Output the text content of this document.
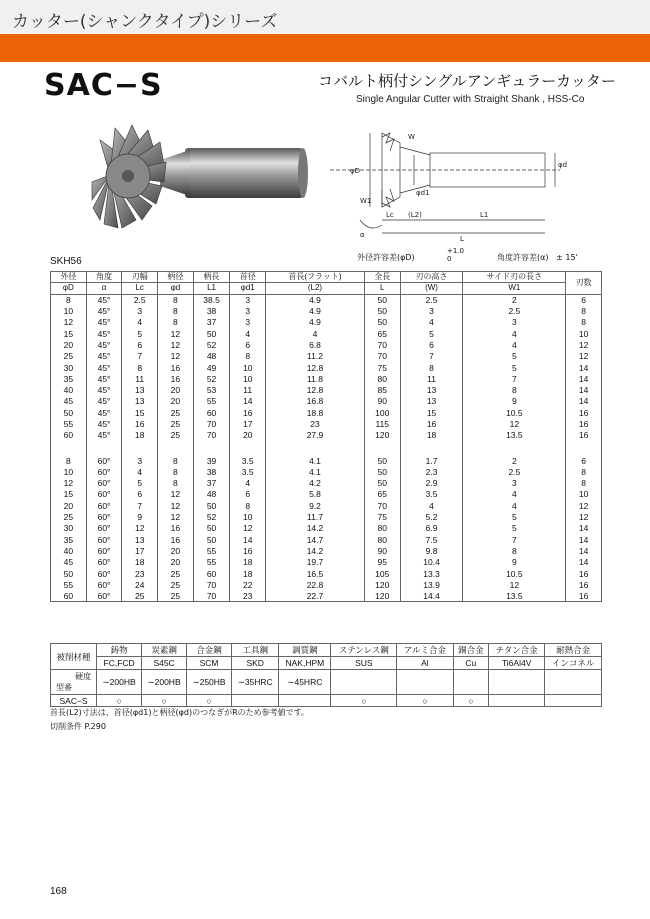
カッター(シャンクタイプ)シリーズ
SAC−S	コバルト柄付シングルアンギュラーカッター
Single Angular Cutter with Straight Shank , HSS-Co
φD
W
φd
φd1
W1
Lc (L2)	L1
L
α
SKH56	外径許容差(φD)
+1.0
0	角度許容差(α) ± 15'
外径	角度	刃幅	柄径	柄長	首径	首長(フラット)	全長	刃の高さ	サイド刃の長さ	刃数
φD	α	Lc	φd	L1	φd1	(L2)	L	(W)	W1	
8	45°	2.5	8	38.5	3	4.9	50	2.5	2	6
10	45°	3	8	38	3	4.9	50	3	2.5	8
12	45°	4	8	37	3	4.9	50	4	3	8
15	45°	5	12	50	4	4	65	5	4	10
20	45°	6	12	52	6	6.8	70	6	4	12
25	45°	7	12	48	8	11.2	70	7	5	12
30	45°	8	16	49	10	12.8	75	8	5	14
35	45°	11	16	52	10	11.8	80	11	7	14
40	45°	13	20	53	11	12.8	85	13	8	14
45	45°	13	20	55	14	16.8	90	13	9	14
50	45°	15	25	60	16	18.8	100	15	10.5	16
55	45°	16	25	70	17	23	115	16	12	16
60	45°	18	25	70	20	27.9	120	18	13.5	16

8	60°	3	8	39	3.5	4.1	50	1.7	2	6
10	60°	4	8	38	3.5	4.1	50	2.3	2.5	8
12	60°	5	8	37	4	4.2	50	2.9	3	8
15	60°	6	12	48	6	5.8	65	3.5	4	10
20	60°	7	12	50	8	9.2	70	4	4	12
25	60°	9	12	52	10	11.7	75	5.2	5	12
30	60°	12	16	50	12	14.2	80	6.9	5	14
35	60°	13	16	50	14	14.7	80	7.5	7	14
40	60°	17	20	55	16	14.2	90	9.8	8	14
45	60°	18	20	55	18	19.7	95	10.4	9	14
50	60°	23	25	60	18	16.5	105	13.3	10.5	16
55	60°	24	25	70	22	22.8	120	13.9	12	16
60	60°	25	25	70	23	22.7	120	14.4	13.5	16
被削材種	鋳物	炭素鋼	合金鋼	工具鋼	調質鋼	ステンレス鋼	アルミ合金	銅合金	チタン合金	耐熱合金
	FC,FCD	S45C	SCM	SKD	NAK,HPM	SUS	Al	Cu	Ti6Al4V	インコネル

硬度
型番	∼200HB	∼200HB	∼250HB	∼35HRC	∼45HRC					
SAC−S	○	○	○			○	○	○		
首長(L2)寸法は、首径(φd1)と柄径(φd)のつなぎがRのため参考値です。
切削条件 P.290
168
